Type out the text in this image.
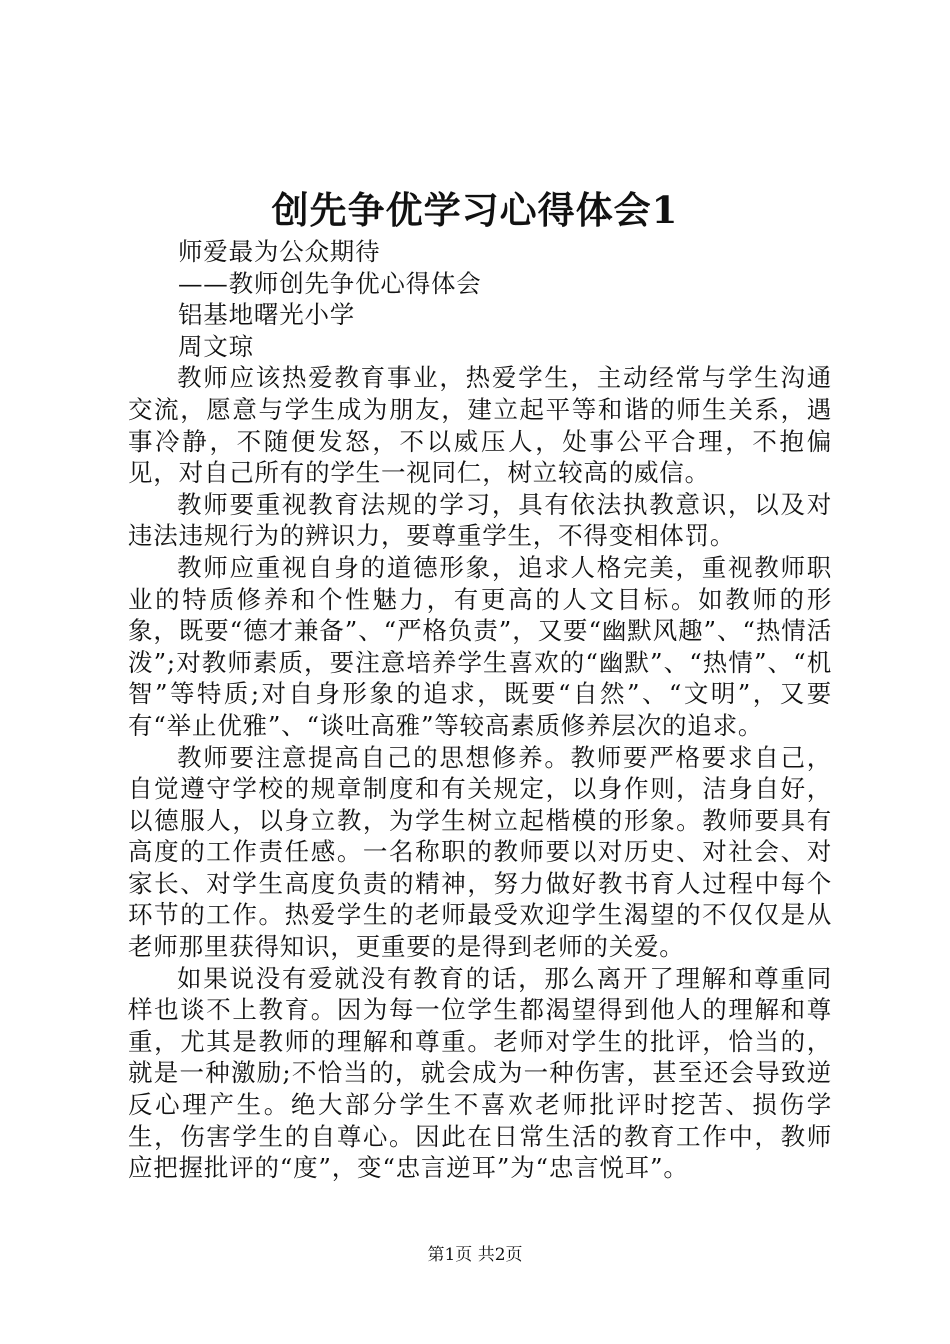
创先争优学习心得体会1

师爱最为公众期待

——教师创先争优心得体会

铝基地曙光小学

周文琼

教师应该热爱教育事业，热爱学生，主动经常与学生沟通交流，愿意与学生成为朋友，建立起平等和谐的师生关系，遇事冷静，不随便发怒，不以威压人，处事公平合理，不抱偏见，对自己所有的学生一视同仁，树立较高的威信。

教师要重视教育法规的学习，具有依法执教意识，以及对违法违规行为的辨识力，要尊重学生，不得变相体罚。

教师应重视自身的道德形象，追求人格完美，重视教师职业的特质修养和个性魅力，有更高的人文目标。如教师的形象，既要“德才兼备”、“严格负责”，又要“幽默风趣”、“热情活泼”;对教师素质，要注意培养学生喜欢的“幽默”、“热情”、“机智”等特质;对自身形象的追求，既要“自然”、“文明”，又要有“举止优雅”、“谈吐高雅”等较高素质修养层次的追求。

教师要注意提高自己的思想修养。教师要严格要求自己，自觉遵守学校的规章制度和有关规定，以身作则，洁身自好，以德服人，以身立教，为学生树立起楷模的形象。教师要具有高度的工作责任感。一名称职的教师要以对历史、对社会、对家长、对学生高度负责的精神，努力做好教书育人过程中每个环节的工作。热爱学生的老师最受欢迎学生渴望的不仅仅是从老师那里获得知识，更重要的是得到老师的关爱。

如果说没有爱就没有教育的话，那么离开了理解和尊重同样也谈不上教育。因为每一位学生都渴望得到他人的理解和尊重，尤其是教师的理解和尊重。老师对学生的批评，恰当的，就是一种激励;不恰当的，就会成为一种伤害，甚至还会导致逆反心理产生。绝大部分学生不喜欢老师批评时挖苦、损伤学生，伤害学生的自尊心。因此在日常生活的教育工作中，教师应把握批评的“度”，变“忠言逆耳”为“忠言悦耳”。

第1页 共2页
